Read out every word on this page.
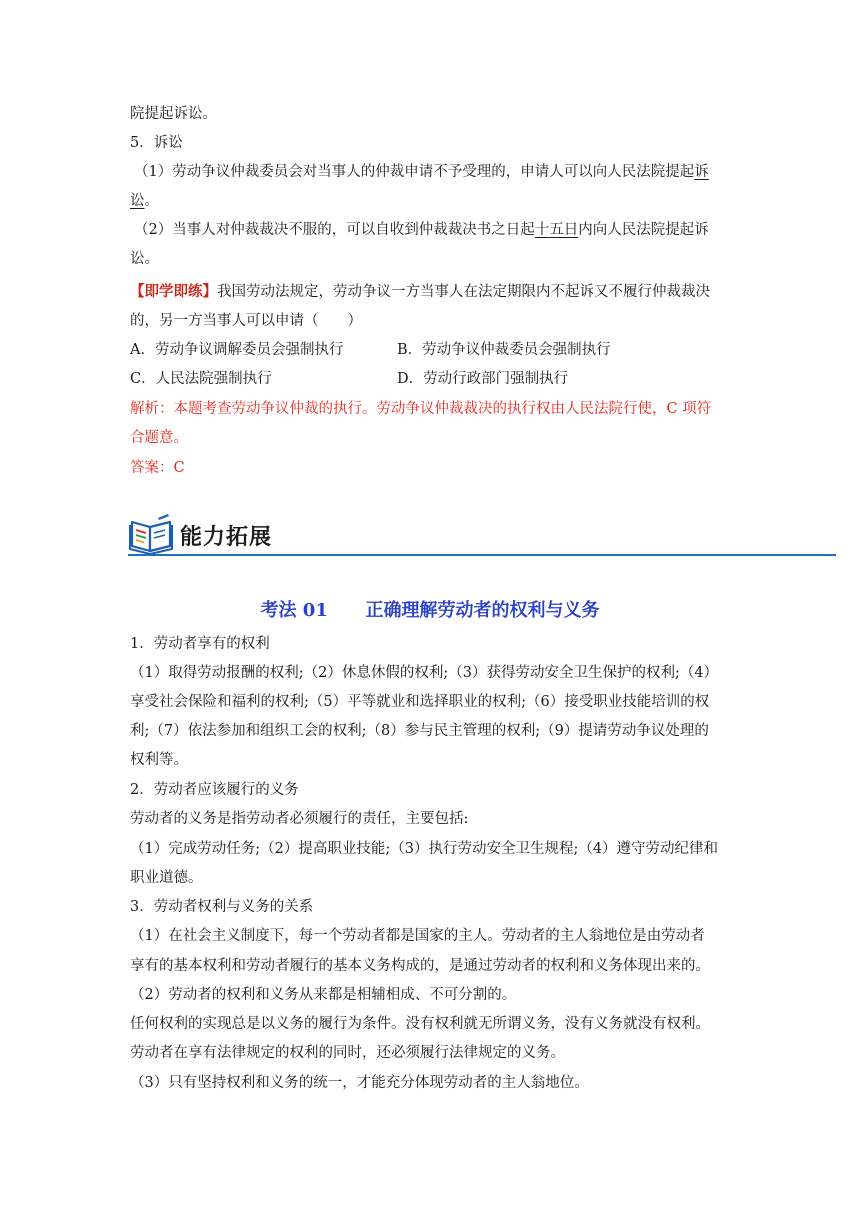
院提起诉讼。
5．诉讼
（1）劳动争议仲裁委员会对当事人的仲裁申请不予受理的，申请人可以向人民法院提起诉
讼。
（2）当事人对仲裁裁决不服的，可以自收到仲裁裁决书之日起十五日内向人民法院提起诉
讼。
【即学即练】我国劳动法规定，劳动争议一方当事人在法定期限内不起诉又不履行仲裁裁决
的，另一方当事人可以申请（　　）
A．劳动争议调解委员会强制执行	B．劳动争议仲裁委员会强制执行
C．人民法院强制执行	D．劳动行政部门强制执行
解析：本题考查劳动争议仲裁的执行。劳动争议仲裁裁决的执行权由人民法院行使，C 项符
合题意。
答案：C
能力拓展
考法 01      正确理解劳动者的权利与义务
1．劳动者享有的权利
（1）取得劳动报酬的权利;（2）休息休假的权利;（3）获得劳动安全卫生保护的权利;（4）
享受社会保险和福利的权利;（5）平等就业和选择职业的权利;（6）接受职业技能培训的权
利;（7）依法参加和组织工会的权利;（8）参与民主管理的权利;（9）提请劳动争议处理的
权利等。
2．劳动者应该履行的义务
劳动者的义务是指劳动者必须履行的责任，主要包括:
（1）完成劳动任务;（2）提高职业技能;（3）执行劳动安全卫生规程;（4）遵守劳动纪律和
职业道德。
3．劳动者权利与义务的关系
（1）在社会主义制度下，每一个劳动者都是国家的主人。劳动者的主人翁地位是由劳动者
享有的基本权利和劳动者履行的基本义务构成的，是通过劳动者的权利和义务体现出来的。
（2）劳动者的权利和义务从来都是相辅相成、不可分割的。
任何权利的实现总是以义务的履行为条件。没有权利就无所谓义务，没有义务就没有权利。
劳动者在享有法律规定的权利的同时，还必须履行法律规定的义务。
（3）只有坚持权利和义务的统一，才能充分体现劳动者的主人翁地位。
